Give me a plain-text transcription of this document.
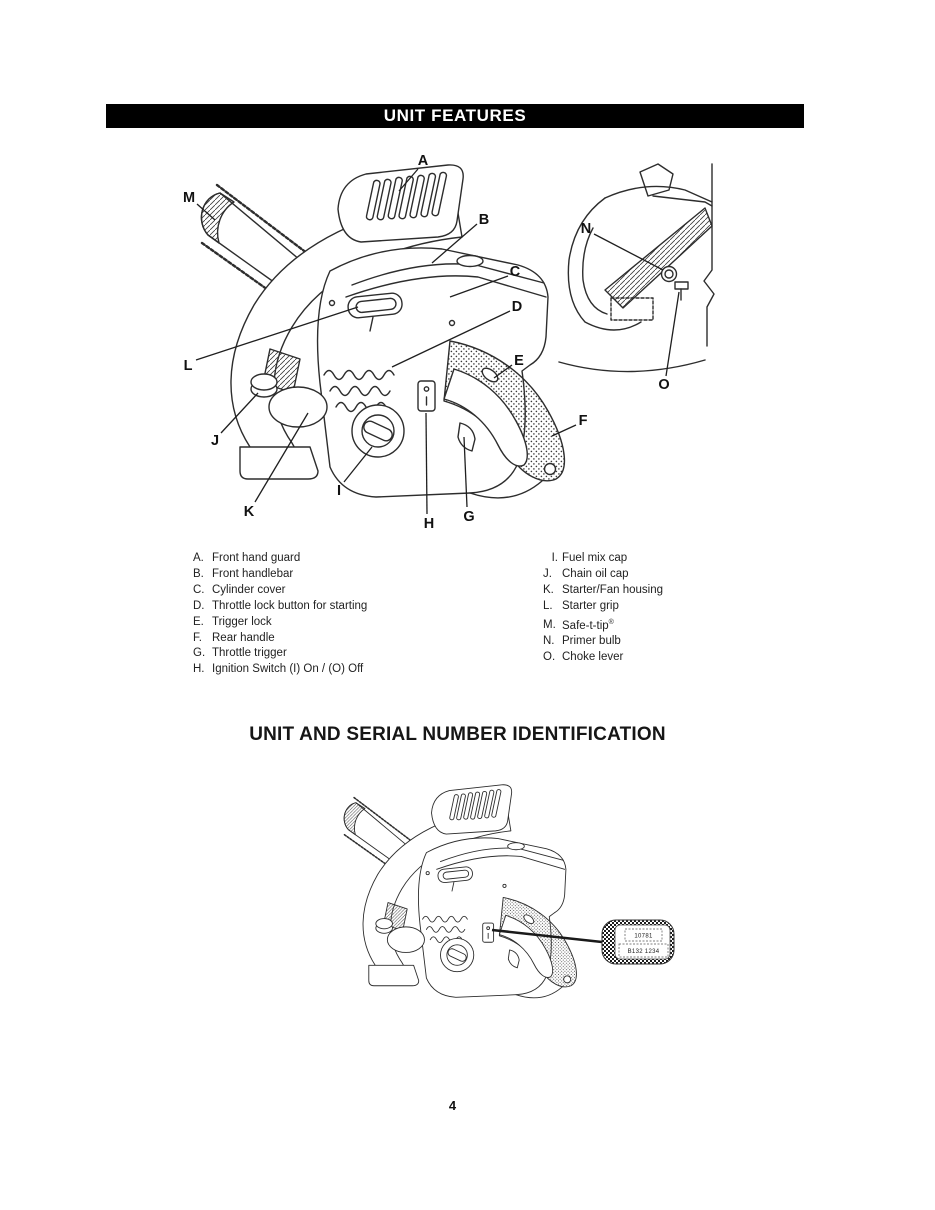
UNIT FEATURES
A
B
C
D
E
F
G
H
I
J
K
L
M
N
O
A. Front hand guard
B. Front handlebar
C. Cylinder cover
D. Throttle lock button for starting
E. Trigger lock
F. Rear handle
G. Throttle trigger
H. Ignition Switch (I) On / (O) Off
I. Fuel mix cap
J. Chain oil cap
K. Starter/Fan housing
L. Starter grip
M. Safe-t-tip®
N. Primer bulb
O. Choke lever
UNIT AND SERIAL NUMBER IDENTIFICATION
10781
B132 1234
4
